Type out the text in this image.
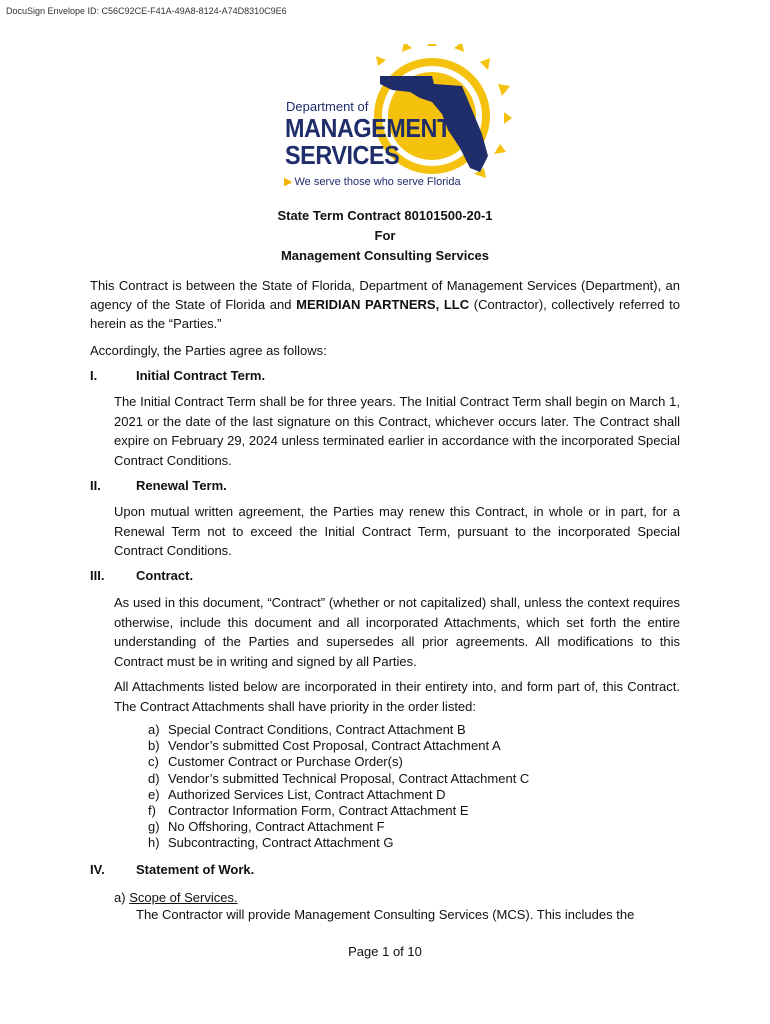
DocuSign Envelope ID: C56C92CE-F41A-49A8-8124-A74D8310C9E6
Department of
MANAGEMENT
SERVICES
▶ We serve those who serve Florida
State Term Contract 80101500-20-1
For
Management Consulting Services
This Contract is between the State of Florida, Department of Management Services (Department), an agency of the State of Florida and MERIDIAN PARTNERS, LLC (Contractor), collectively referred to herein as the “Parties.”
Accordingly, the Parties agree as follows:
I.	Initial Contract Term.
The Initial Contract Term shall be for three years. The Initial Contract Term shall begin on March 1, 2021 or the date of the last signature on this Contract, whichever occurs later. The Contract shall expire on February 29, 2024 unless terminated earlier in accordance with the incorporated Special Contract Conditions.
II.	Renewal Term.
Upon mutual written agreement, the Parties may renew this Contract, in whole or in part, for a Renewal Term not to exceed the Initial Contract Term, pursuant to the incorporated Special Contract Conditions.
III. Contract.
As used in this document, “Contract” (whether or not capitalized) shall, unless the context requires otherwise, include this document and all incorporated Attachments, which set forth the entire understanding of the Parties and supersedes all prior agreements. All modifications to this Contract must be in writing and signed by all Parties.
All Attachments listed below are incorporated in their entirety into, and form part of, this Contract. The Contract Attachments shall have priority in the order listed:
a) Special Contract Conditions, Contract Attachment B
b) Vendor’s submitted Cost Proposal, Contract Attachment A
c) Customer Contract or Purchase Order(s)
d) Vendor’s submitted Technical Proposal, Contract Attachment C
e) Authorized Services List, Contract Attachment D
f) Contractor Information Form, Contract Attachment E
g) No Offshoring, Contract Attachment F
h) Subcontracting, Contract Attachment G
IV. Statement of Work.
a) Scope of Services.
The Contractor will provide Management Consulting Services (MCS). This includes the
Page 1 of 10
